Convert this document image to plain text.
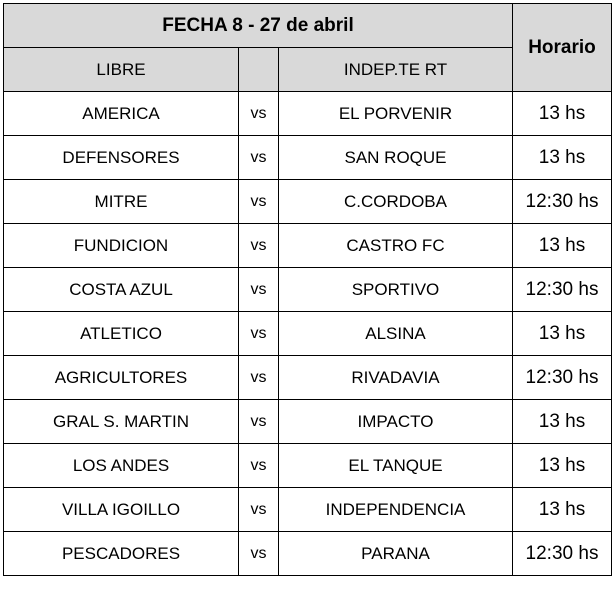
FECHA 8 - 27 de abril			Horario
LIBRE		INDEP.TE RT	
AMERICA	vs	EL PORVENIR	13 hs
DEFENSORES	vs	SAN ROQUE	13 hs
MITRE	vs	C.CORDOBA	12:30 hs
FUNDICION	vs	CASTRO FC	13 hs
COSTA AZUL	vs	SPORTIVO	12:30 hs
ATLETICO	vs	ALSINA	13 hs
AGRICULTORES	vs	RIVADAVIA	12:30 hs
GRAL S. MARTIN	vs	IMPACTO	13 hs
LOS ANDES	vs	EL TANQUE	13 hs
VILLA IGOILLO	vs	INDEPENDENCIA	13 hs
PESCADORES	vs	PARANA	12:30 hs
